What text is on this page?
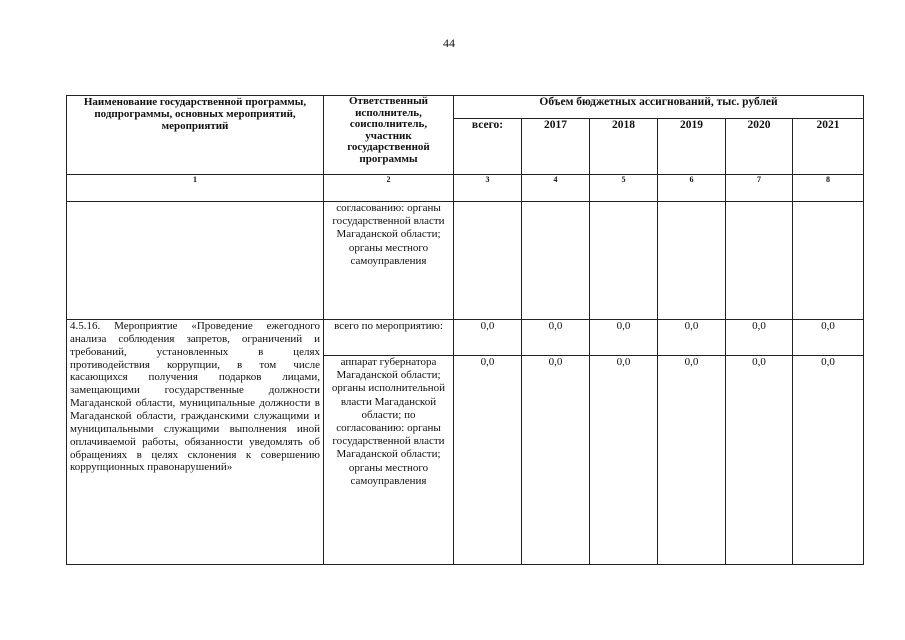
44
Наименование государственной программы, подпрограммы, основных мероприятий, мероприятий	Ответственный исполнитель, соисполнитель, участник государственной программы	Объем бюджетных ассигнований, тыс. рублей					
		всего:	2017	2018	2019	2020	2021
1	2	3	4	5	6	7	8
	согласованию: органы государственной власти Магаданской области; органы местного самоуправления						
4.5.16. Мероприятие «Проведение ежегодного анализа соблюдения запретов, ограничений и требований, установленных в целях противодействия коррупции, в том числе касающихся получения подарков лицами, замещающими государственные должности Магаданской области, муниципальные должности в Магаданской области, гражданскими служащими и муниципальными служащими выполнения иной оплачиваемой работы, обязанности уведомлять об обращениях в целях склонения к совершению коррупционных правонарушений»	всего по мероприятию:	0,0	0,0	0,0	0,0	0,0	0,0
	аппарат губернатора Магаданской области; органы исполнительной власти Магаданской области; по согласованию: органы государственной власти Магаданской области; органы местного самоуправления	0,0	0,0	0,0	0,0	0,0	0,0
